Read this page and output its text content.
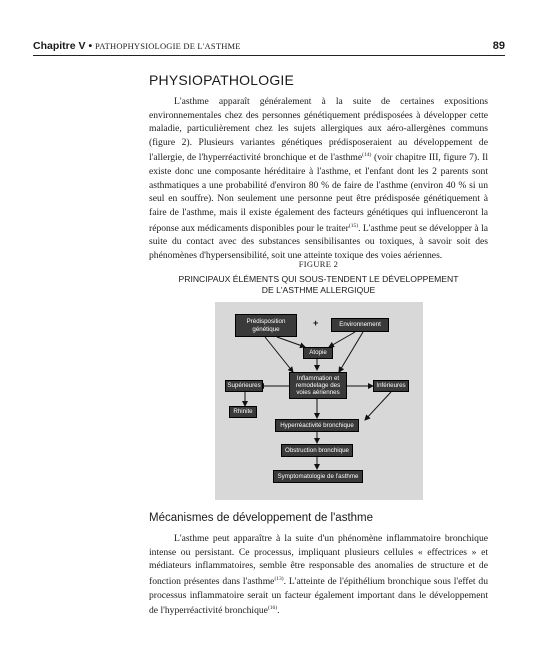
Chapitre V • PATHOPHYSIOLOGIE DE L'ASTHME	89
PHYSIOPATHOLOGIE

L'asthme apparaît généralement à la suite de certaines expositions environnementales chez des personnes génétiquement prédisposées à développer cette maladie, particulièrement chez les sujets allergiques aux aéro-allergènes communs (figure 2). Plusieurs variantes génétiques prédisposeraient au développement de l'allergie, de l'hyperréactivité bronchique et de l'asthme$^{(14)}$ (voir chapitre III, figure 7). Il existe donc une composante héréditaire à l'asthme, et l'enfant dont les 2 parents sont asthmatiques a une probabilité d'environ 80 % de faire de l'asthme (environ 40 % si un seul en souffre). Non seulement une personne peut être prédisposée génétiquement à faire de l'asthme, mais il existe également des facteurs génétiques qui influenceront la réponse aux médicaments disponibles pour le traiter$^{(15)}$. L'asthme peut se développer à la suite du contact avec des substances sensibilisantes ou toxiques, à savoir soit des phénomènes d'hypersensibilité, soit une atteinte toxique des voies aériennes.

FIGURE 2
PRINCIPAUX ÉLÉMENTS QUI SOUS-TENDENT LE DÉVELOPPEMENT
DE L'ASTHME ALLERGIQUE
Prédisposition
génétique
+	Environnement
Atopie
Inflammation et
remodelage des
voies aériennes
Supérieures	Inférieures
Rhinite
Hyperréactivité bronchique
Obstruction bronchique
Symptomatologie de l'asthme
Mécanismes de développement de l'asthme

L'asthme peut apparaître à la suite d'un phénomène inflammatoire bronchique intense ou persistant. Ce processus, impliquant plusieurs cellules « effectrices » et médiateurs inflammatoires, semble être responsable des anomalies de structure et de fonction présentes dans l'asthme$^{(13)}$. L'atteinte de l'épithélium bronchique sous l'effet du processus inflammatoire serait un facteur également important dans le développement de l'hyperréactivité bronchique$^{(16)}$.
